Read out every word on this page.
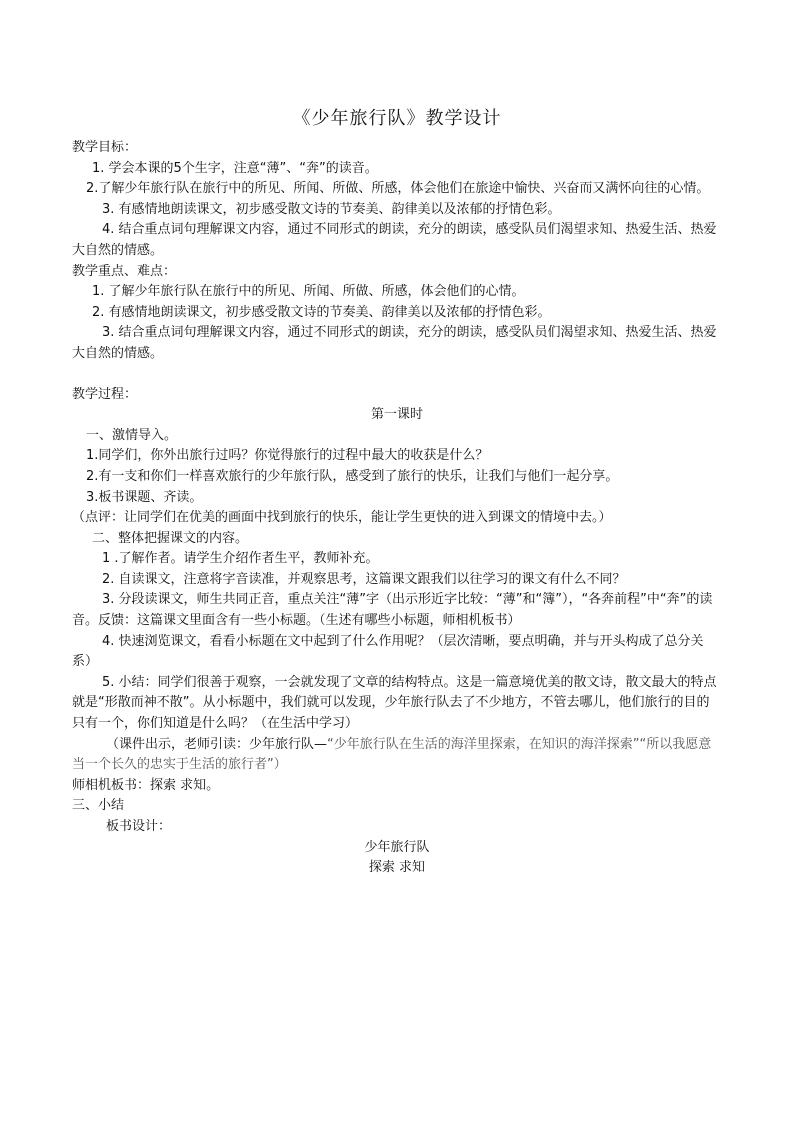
《少年旅行队》教学设计

教学目标：

1. 学会本课的5个生字，注意“薄”、“奔”的读音。

2.了解少年旅行队在旅行中的所见、所闻、所做、所感，体会他们在旅途中愉快、兴奋而又满怀向往的心情。

3. 有感情地朗读课文，初步感受散文诗的节奏美、韵律美以及浓郁的抒情色彩。

4. 结合重点词句理解课文内容，通过不同形式的朗读，充分的朗读，感受队员们渴望求知、热爱生活、热爱大自然的情感。

教学重点、难点：

1. 了解少年旅行队在旅行中的所见、所闻、所做、所感，体会他们的心情。

2. 有感情地朗读课文，初步感受散文诗的节奏美、韵律美以及浓郁的抒情色彩。

3. 结合重点词句理解课文内容，通过不同形式的朗读，充分的朗读，感受队员们渴望求知、热爱生活、热爱大自然的情感。

教学过程：

第一课时

一、激情导入。

1.同学们，你外出旅行过吗？你觉得旅行的过程中最大的收获是什么？

2.有一支和你们一样喜欢旅行的少年旅行队，感受到了旅行的快乐，让我们与他们一起分享。

3.板书课题、齐读。

（点评：让同学们在优美的画面中找到旅行的快乐，能让学生更快的进入到课文的情境中去。）

二、整体把握课文的内容。

1 .了解作者。请学生介绍作者生平，教师补充。

2. 自读课文，注意将字音读准，并观察思考，这篇课文跟我们以往学习的课文有什么不同？

3. 分段读课文，师生共同正音，重点关注“薄”字（出示形近字比较：“薄”和“簿”），“各奔前程”中“奔”的读音。反馈：这篇课文里面含有一些小标题。（生述有哪些小标题，师相机板书）

4. 快速浏览课文，看看小标题在文中起到了什么作用呢？（层次清晰，要点明确，并与开头构成了总分关系）

5. 小结：同学们很善于观察，一会就发现了文章的结构特点。这是一篇意境优美的散文诗，散文最大的特点就是“形散而神不散”。从小标题中，我们就可以发现，少年旅行队去了不少地方，不管去哪儿，他们旅行的目的只有一个，你们知道是什么吗？（在生活中学习）

（课件出示，老师引读：少年旅行队—“少年旅行队在生活的海洋里探索，在知识的海洋探索”“所以我愿意当一个长久的忠实于生活的旅行者”）

师相机板书：探索 求知。

三、小结

板书设计：

少年旅行队

探索 求知
